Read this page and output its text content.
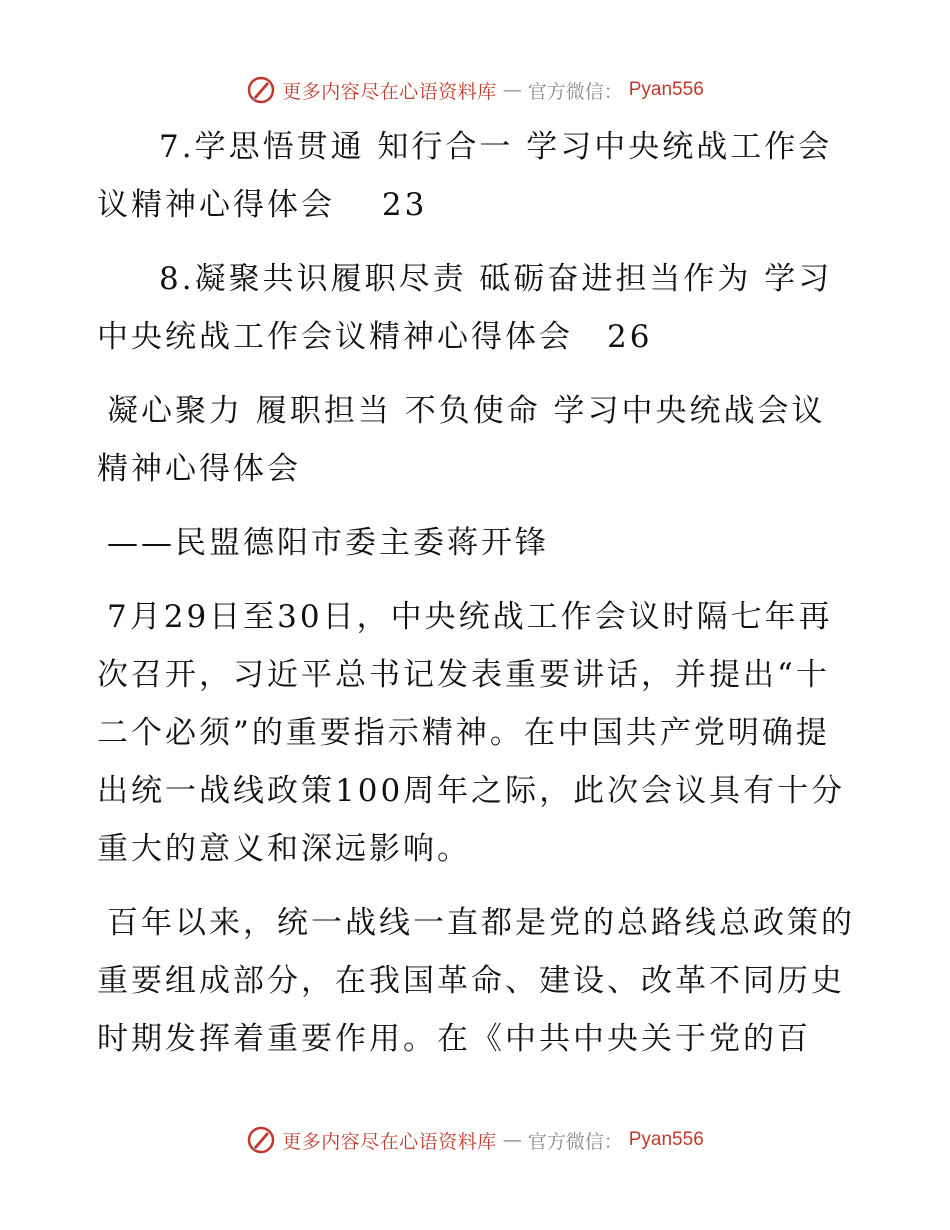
更多内容尽在心语资料库 — 官方微信： Pyan556

7.学思悟贯通 知行合一 学习中央统战工作会议精神心得体会　 23

8.凝聚共识履职尽责 砥砺奋进担当作为 学习中央统战工作会议精神心得体会　26

凝心聚力 履职担当 不负使命 学习中央统战会议精神心得体会

——民盟德阳市委主委蒋开锋

7月29日至30日，中央统战工作会议时隔七年再次召开，习近平总书记发表重要讲话，并提出“十二个必须”的重要指示精神。在中国共产党明确提出统一战线政策100周年之际，此次会议具有十分重大的意义和深远影响。

百年以来，统一战线一直都是党的总路线总政策的重要组成部分，在我国革命、建设、改革不同历史时期发挥着重要作用。在《中共中央关于党的百

更多内容尽在心语资料库 — 官方微信： Pyan556
